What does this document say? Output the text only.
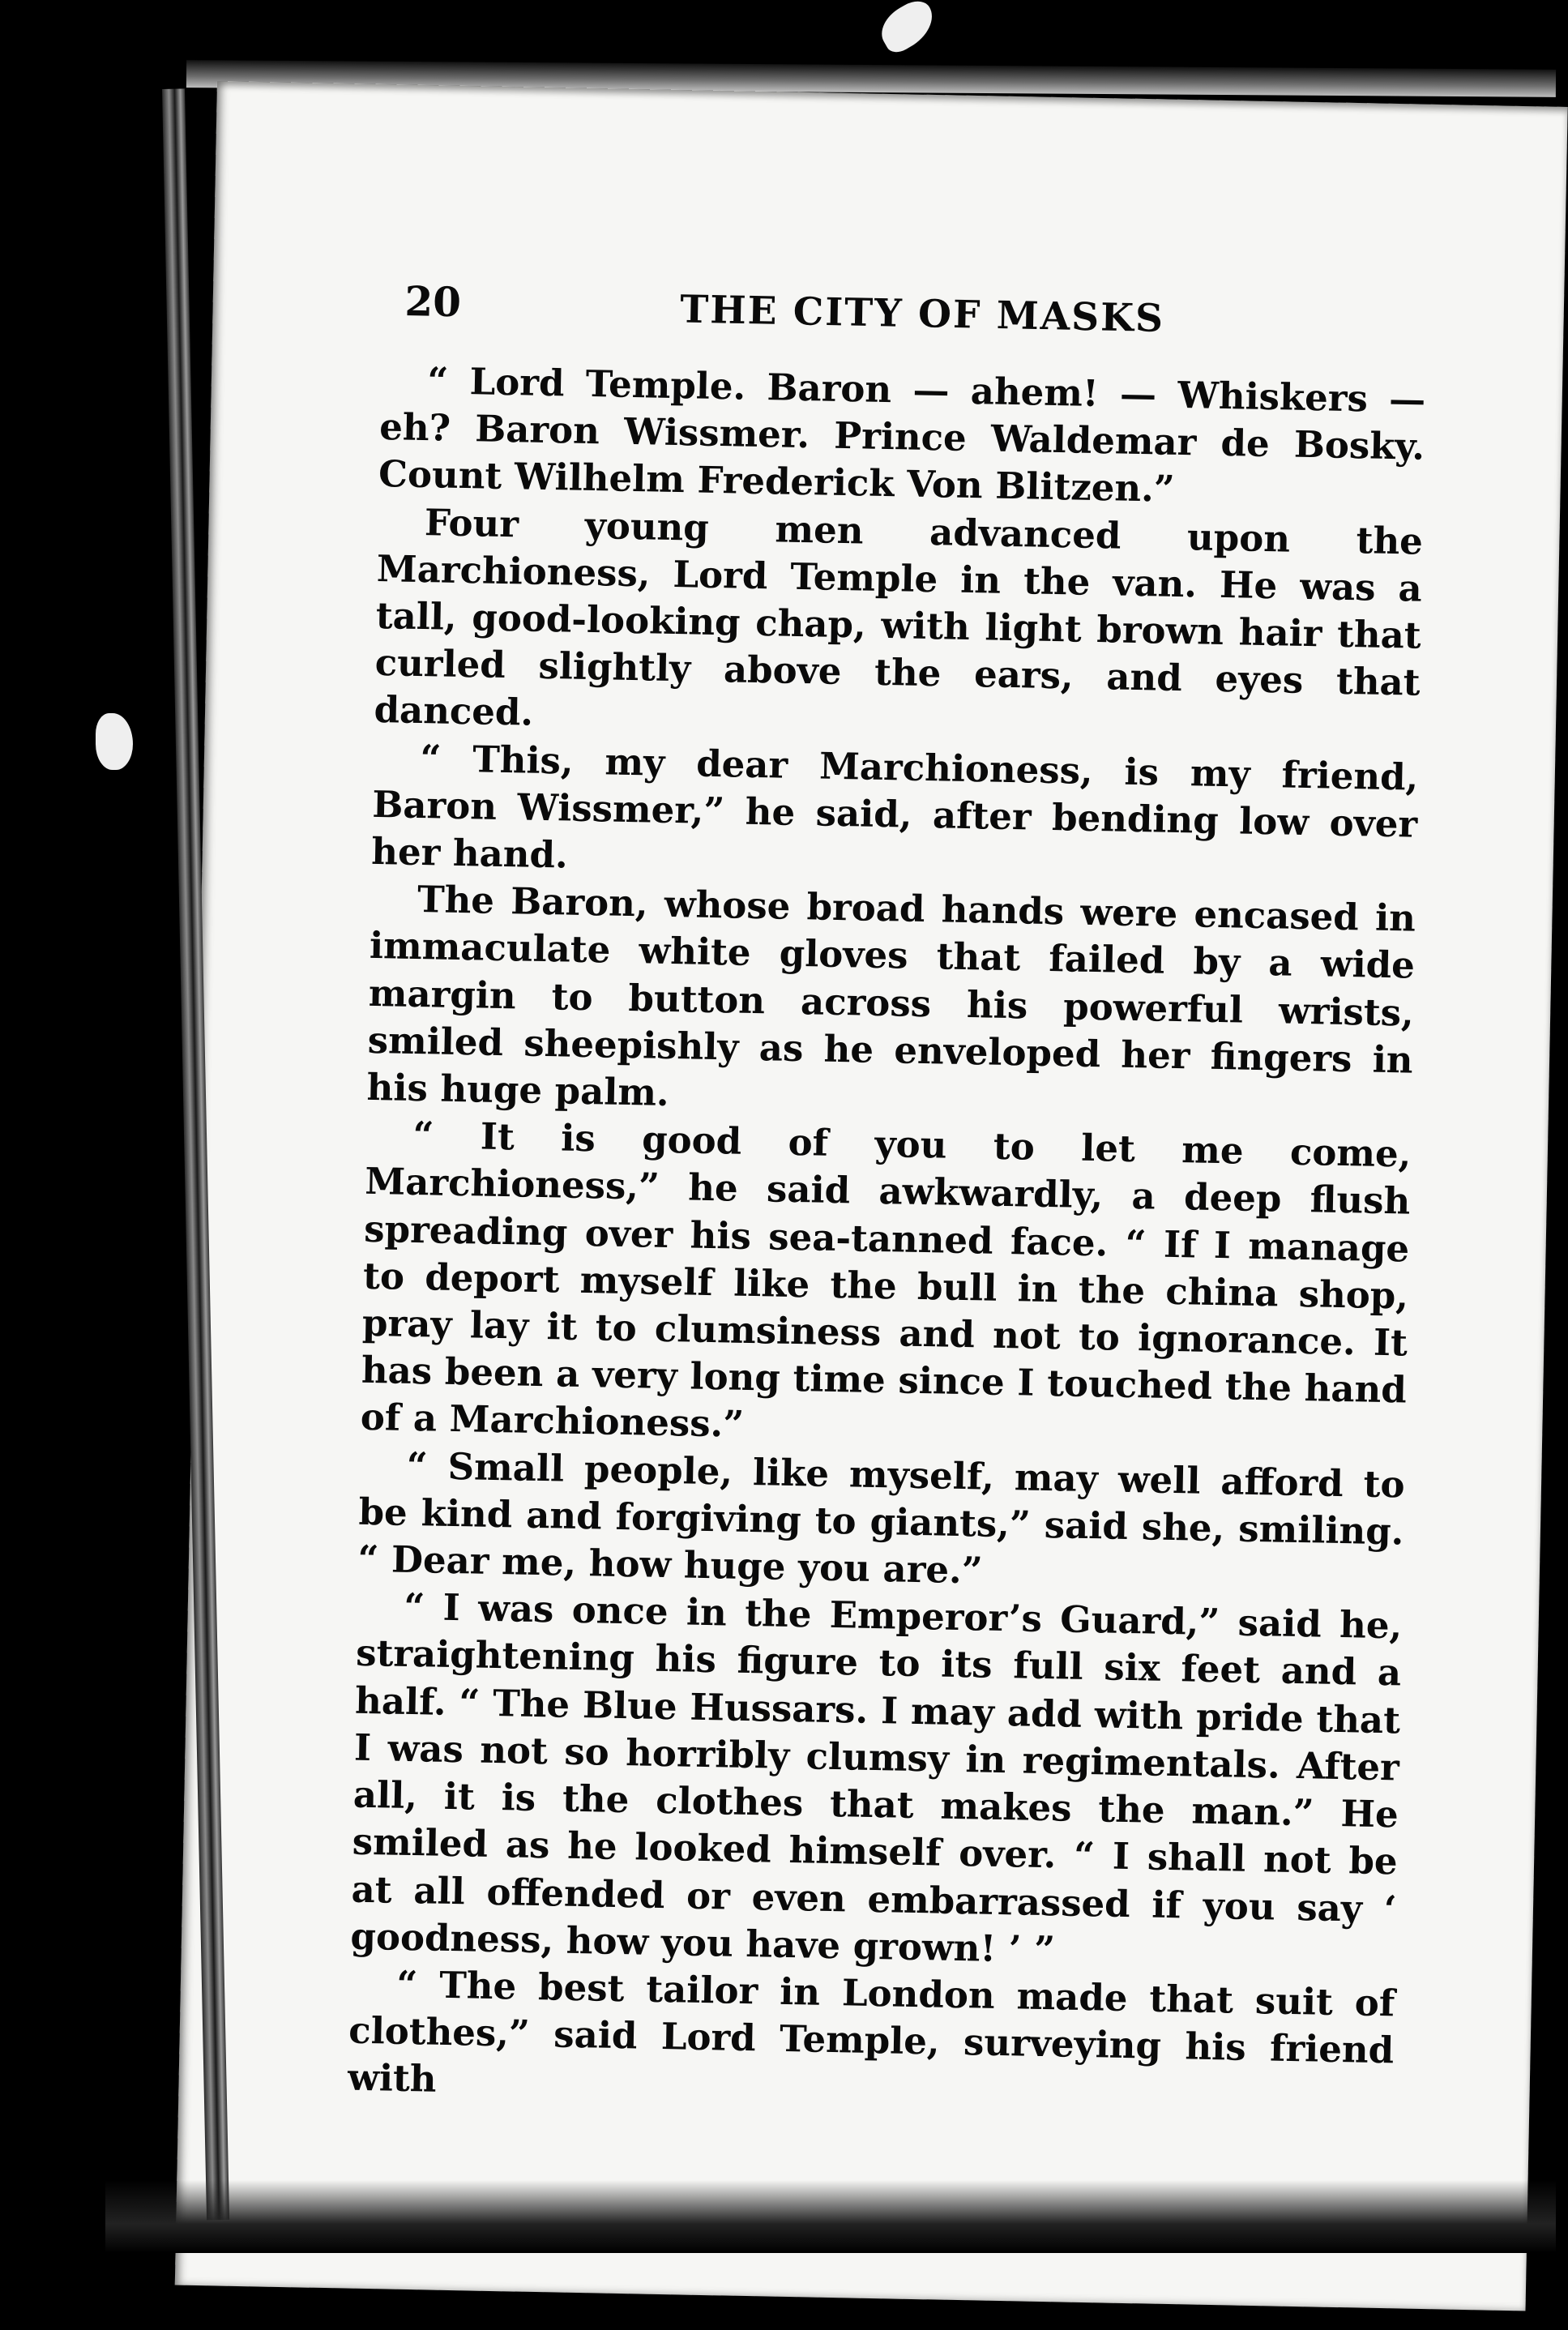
20	THE CITY OF MASKS

“ Lord Temple. Baron — ahem! — Whiskers — eh? Baron Wissmer. Prince Waldemar de Bosky. Count Wilhelm Frederick Von Blitzen.”

Four young men advanced upon the Marchioness, Lord Temple in the van. He was a tall, good-looking chap, with light brown hair that curled slightly above the ears, and eyes that danced.

“ This, my dear Marchioness, is my friend, Baron Wissmer,” he said, after bending low over her hand.

The Baron, whose broad hands were encased in immaculate white gloves that failed by a wide margin to button across his powerful wrists, smiled sheepishly as he enveloped her fingers in his huge palm.

“ It is good of you to let me come, Marchioness,” he said awkwardly, a deep flush spreading over his sea-tanned face. “ If I manage to deport myself like the bull in the china shop, pray lay it to clumsiness and not to ignorance. It has been a very long time since I touched the hand of a Marchioness.”

“ Small people, like myself, may well afford to be kind and forgiving to giants,” said she, smiling. “ Dear me, how huge you are.”

“ I was once in the Emperor’s Guard,” said he, straightening his figure to its full six feet and a half. “ The Blue Hussars. I may add with pride that I was not so horribly clumsy in regimentals. After all, it is the clothes that makes the man.” He smiled as he looked himself over. “ I shall not be at all offended or even embarrassed if you say ‘ goodness, how you have grown! ’ ”

“ The best tailor in London made that suit of clothes,” said Lord Temple, surveying his friend with
